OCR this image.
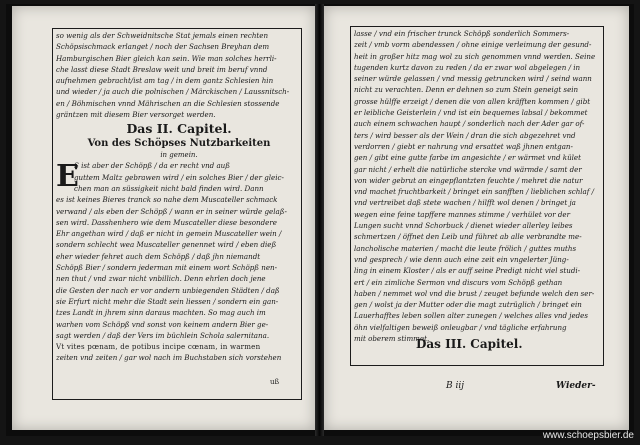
so wenig als der Schweidnitsche Stat jemals einen rechten
Schöpsischmack erlanget / noch der Sachsen Breyhan dem
Hamburgischen Bier gleich kan sein. Wie man solches herrli-
che lasst diese Stadt Breslaw weit und breit im beruf vnnd
aufnehmen gebracht/ist am tag / in dem gantz Schlesien hin
und wieder / ja auch die polnischen / Märckischen / Laussnitsch-
en / Böhmischen vnnd Mährischen an die Schlesien stossende
gräntzen mit diesem Bier versorget werden.
Das II. Capitel.
Von des Schöpses Nutzbarkeiten
in gemein.
E
S ist aber der Schöpß / da er recht vnd auß
guttem Maltz gebrawen wird / ein solches Bier / der gleic-
chen man an süssigkeit nicht bald finden wird. Dann
es ist keines Bieres tranck so nahe dem Muscateller schmack
verwand / als eben der Schöpß / wann er in seiner würde gelaß-
sen wird. Dasshenhero wie dem Muscateller diese besondere
Ehr angethan wird / daß er nicht in gemein Muscateller wein /
sondern schlecht wea Muscateller genennet wird / eben dieß
eher wieder fehret auch dem Schöpß / daß jhn niemandt
Schöpß Bier / sondern jederman mit einem wort Schöpß nen-
nen thut / vnd zwar nicht vnbillich. Denn ehrlen doch jene
die Gesten der nach er vor andern unbiegenden Städten / daß
sie Erfurt nicht mehr die Stadt sein liessen / sondern ein gan-
tzes Landt in jhrem sinn daraus machten. So mag auch im
warhen vom Schöpß vnd sonst von keinem andern Bier ge-
sagt werden / daß der Vers im büchlein Schola salernitana.
Vt vites pœnam, de potibus incipe cœnam, in warmen
zeiten vnd zeiten / gar wol nach im Buchstaben sich vorstehen
uß
lasse / vnd ein frischer trunck Schöpß sonderlich Sommers-
zeit / vmb vorm abendessen / ohne einige verleimung der gesund-
heit in großer hitz mag wol zu sich genommen vnnd werden. Seine
tugenden kurtz davon zu reden / da er zwar wol abgelegen / in
seiner würde gelassen / vnd messig getruncken wird / seind wann
nicht zu verachten. Denn er dehnen so zum Stein geneigt sein
grosse hülffe erzeigt / denen die von allen kräfften kommen / gibt
er leibliche Geisterlein / vnd ist ein bequemes labsal / bekommet
auch einem schwachen haupt / sonderlich nach der Ader gar of-
ters / wird besser als der Wein / dran die sich abgezehret vnd
verdorren / giebt er nahrung vnd ersattet waß jhnen entgan-
gen / gibt eine gutte farbe im angesichte / er wärmet vnd kület
gar nicht / erhelt die natürliche stercke vnd wärmde / samt der
von wider gebrut an eingepflantzten feuchte / mehret die natur
vnd machet fruchtbarkeit / bringet ein sanfften / lieblichen schlaf /
vnd vertreibet daß stete wachen / hilfft wol denen / bringet ja
wegen eine feine tapffere mannes stimme / verhület vor der
Lungen sucht vnnd Schorbuck / dienet wieder allerley leibes
schmertzen / öffnet den Leib und führet ab alle verbrandte me-
lancholische materien / macht die leute frölich / guttes muths
vnd gesprech / wie denn auch eine zeit ein vngelerter Jüng-
ling in einem Kloster / als er auff seine Predigt nicht viel studi-
ert / ein zimliche Sermon vnd discurs vom Schöpß gethan
haben / nemmet wol vnd die brust / zeuget befunde welch den ser-
gen / wolst ja der Mutter oder die magt zutrüglich / bringet ein
Lauerhafftes leben sollen alter zunegen / welches alles vnd jedes
öhn vielfaltigen beweiß onleugbar / vnd tägliche erfahrung
mit oberem stimmet.
Das III. Capitel.
B iij	Wieder-
www.schoepsbier.de
